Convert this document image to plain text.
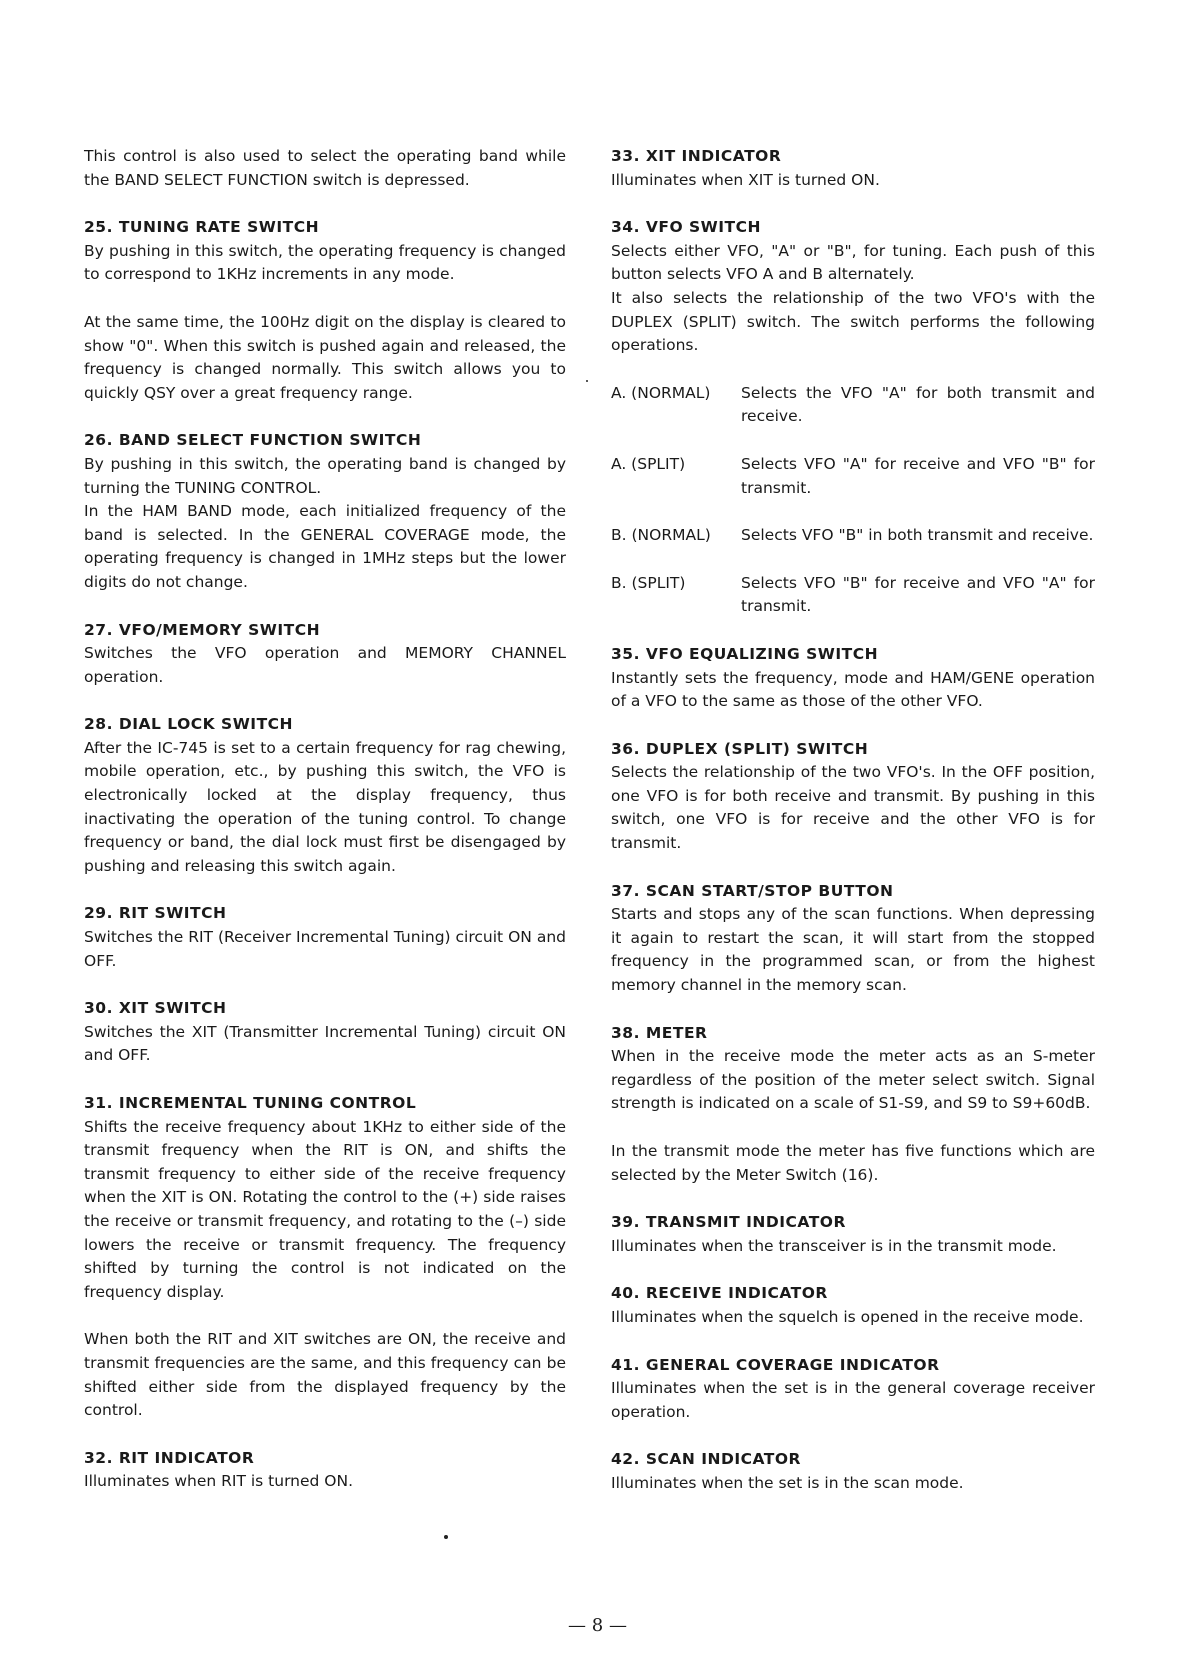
This control is also used to select the operating band while the BAND SELECT FUNCTION switch is depressed.

25. TUNING RATE SWITCH

By pushing in this switch, the operating frequency is changed to correspond to 1KHz increments in any mode.

At the same time, the 100Hz digit on the display is cleared to show "0". When this switch is pushed again and released, the frequency is changed normally. This switch allows you to quickly QSY over a great frequency range.

26. BAND SELECT FUNCTION SWITCH

By pushing in this switch, the operating band is changed by turning the TUNING CONTROL.

In the HAM BAND mode, each initialized frequency of the band is selected. In the GENERAL COVERAGE mode, the operating frequency is changed in 1MHz steps but the lower digits do not change.

27. VFO/MEMORY SWITCH

Switches the VFO operation and MEMORY CHANNEL operation.

28. DIAL LOCK SWITCH

After the IC-745 is set to a certain frequency for rag chewing, mobile operation, etc., by pushing this switch, the VFO is electronically locked at the display frequency, thus inactivating the operation of the tuning control. To change frequency or band, the dial lock must first be disengaged by pushing and releasing this switch again.

29. RIT SWITCH

Switches the RIT (Receiver Incremental Tuning) circuit ON and OFF.

30. XIT SWITCH

Switches the XIT (Transmitter Incremental Tuning) circuit ON and OFF.

31. INCREMENTAL TUNING CONTROL

Shifts the receive frequency about 1KHz to either side of the transmit frequency when the RIT is ON, and shifts the transmit frequency to either side of the receive frequency when the XIT is ON. Rotating the control to the (+) side raises the receive or transmit frequency, and rotating to the (–) side lowers the receive or transmit frequency. The frequency shifted by turning the control is not indicated on the frequency display.

When both the RIT and XIT switches are ON, the receive and transmit frequencies are the same, and this frequency can be shifted either side from the displayed frequency by the control.

32. RIT INDICATOR

Illuminates when RIT is turned ON.

33. XIT INDICATOR

Illuminates when XIT is turned ON.

34. VFO SWITCH

Selects either VFO, "A" or "B", for tuning. Each push of this button selects VFO A and B alternately.

It also selects the relationship of the two VFO's with the DUPLEX (SPLIT) switch. The switch performs the following operations.

A. (NORMAL)	Selects the VFO "A" for both transmit and receive.
A. (SPLIT)	Selects VFO "A" for receive and VFO "B" for transmit.
B. (NORMAL)	Selects VFO "B" in both transmit and receive.
B. (SPLIT)	Selects VFO "B" for receive and VFO "A" for transmit.
35. VFO EQUALIZING SWITCH

Instantly sets the frequency, mode and HAM/GENE operation of a VFO to the same as those of the other VFO.

36. DUPLEX (SPLIT) SWITCH

Selects the relationship of the two VFO's. In the OFF position, one VFO is for both receive and transmit. By pushing in this switch, one VFO is for receive and the other VFO is for transmit.

37. SCAN START/STOP BUTTON

Starts and stops any of the scan functions. When depressing it again to restart the scan, it will start from the stopped frequency in the programmed scan, or from the highest memory channel in the memory scan.

38. METER

When in the receive mode the meter acts as an S-meter regardless of the position of the meter select switch. Signal strength is indicated on a scale of S1-S9, and S9 to S9+60dB.

In the transmit mode the meter has five functions which are selected by the Meter Switch (16).

39. TRANSMIT INDICATOR

Illuminates when the transceiver is in the transmit mode.

40. RECEIVE INDICATOR

Illuminates when the squelch is opened in the receive mode.

41. GENERAL COVERAGE INDICATOR

Illuminates when the set is in the general coverage receiver operation.

42. SCAN INDICATOR

Illuminates when the set is in the scan mode.

— 8 —
